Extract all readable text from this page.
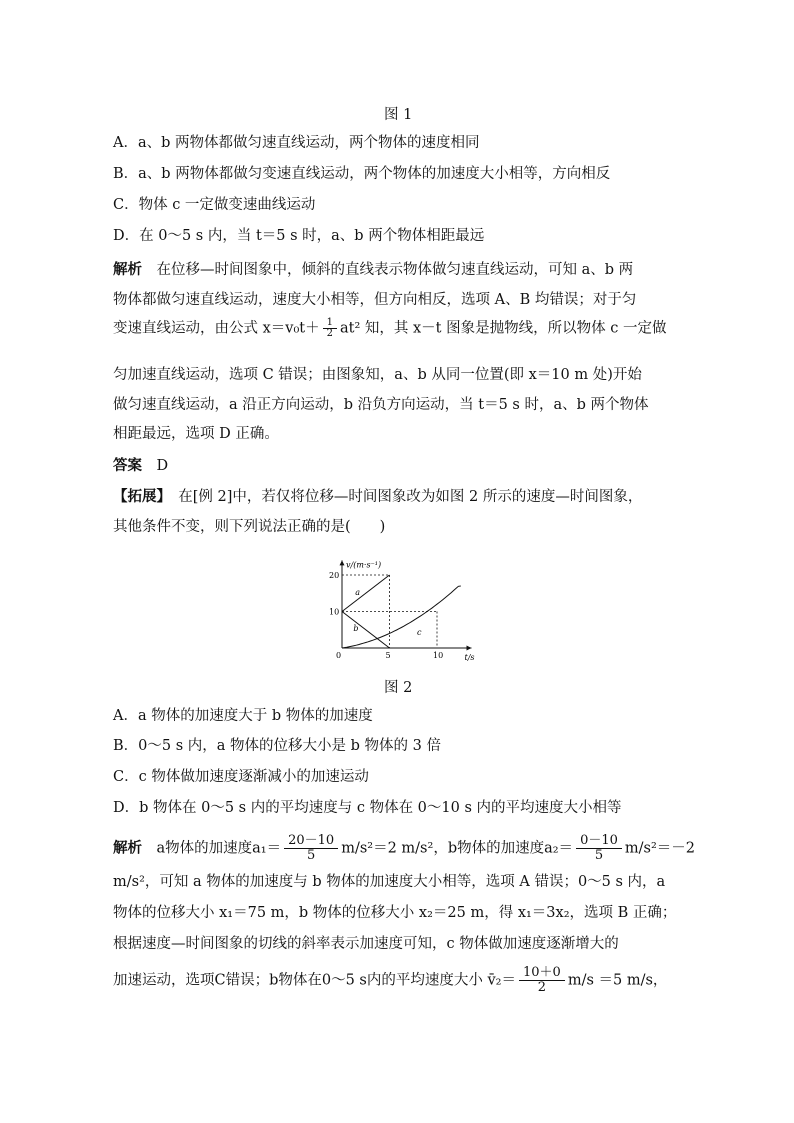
图 1
A．a、b 两物体都做匀速直线运动，两个物体的速度相同
B．a、b 两物体都做匀变速直线运动，两个物体的加速度大小相等，方向相反
C．物体 c 一定做变速曲线运动
D．在 0～5 s 内，当 t＝5 s 时，a、b 两个物体相距最远
解析　 在位移—时间图象中，倾斜的直线表示物体做匀速直线运动，可知 a、b 两
物体都做匀速直线运动，速度大小相等，但方向相反，选项 A、B 均错误；对于匀
变速直线运动，由公式 $x=v_0t+ \frac{1}{2} at^2$ 知，其 x－t 图象是抛物线，所以物体 c 一定做
匀加速直线运动，选项 C 错误；由图象知，a、b 从同一位置(即 x＝10 m 处)开始
做匀速直线运动，a 沿正方向运动，b 沿负方向运动，当 t＝5 s 时，a、b 两个物体
相距最远，选项 D 正确。
答案　 D
【拓展】　 在[例 2]中，若仅将位移—时间图象改为如图 2 所示的速度—时间图象，
其他条件不变，则下列说法正确的是(　　)
v/(m·s⁻¹)
t/s
0	5	10
10
20
a
b	c
图 2
A．a 物体的加速度大于 b 物体的加速度
B．0～5 s 内，a 物体的位移大小是 b 物体的 3 倍
C．c 物体做加速度逐渐减小的加速运动
D．b 物体在 0～5 s 内的平均速度与 c 物体在 0～10 s 内的平均速度大小相等
解析　 a物体的加速度$a_1= \frac{20-10}{5} m/s^2=2$ m/s²，b物体的加速度$a_2= \frac{0-10}{5} m/s^2=-2$
m/s²，可知 a 物体的加速度与 b 物体的加速度大小相等，选项 A 错误；0～5 s 内，a
物体的位移大小 x₁＝75 m，b 物体的位移大小 x₂＝25 m，得 x₁＝3x₂，选项 B 正确；
根据速度—时间图象的切线的斜率表示加速度可知，c 物体做加速度逐渐增大的
加速运动，选项C错误；b物体在0～5 s内的平均速度大小 v̄₂＝ $\frac{10+0}{2} m/s =5$ m/s，
